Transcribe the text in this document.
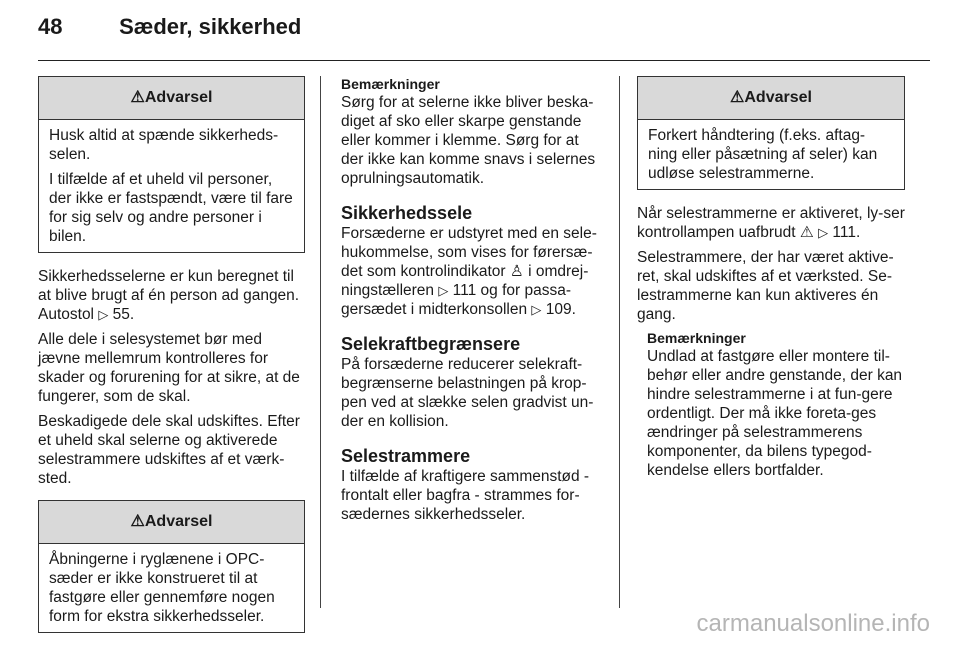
48	Sæder, sikkerhed
⚠Advarsel

Husk altid at spænde sikkerheds-selen.

I tilfælde af et uheld vil personer, der ikke er fastspændt, være til fare for sig selv og andre personer i bilen.

Sikkerhedsselerne er kun beregnet til at blive brugt af én person ad gangen. Autostol ▷ 55.

Alle dele i selesystemet bør med jævne mellemrum kontrolleres for skader og forurening for at sikre, at de fungerer, som de skal.

Beskadigede dele skal udskiftes. Efter et uheld skal selerne og aktiverede selestrammere udskiftes af et værk-sted.

⚠Advarsel

Åbningerne i ryglænene i OPC-sæder er ikke konstrueret til at fastgøre eller gennemføre nogen form for ekstra sikkerhedsseler.

Bemærkninger
Sørg for at selerne ikke bliver beska-diget af sko eller skarpe genstande eller kommer i klemme. Sørg for at der ikke kan komme snavs i selernes oprulningsautomatik.
Sikkerhedssele

Forsæderne er udstyret med en sele-hukommelse, som vises for førersæ-det som kontrolindikator ♙ i omdrej-ningstælleren ▷ 111 og for passa-gersædet i midterkonsollen ▷ 109.

Selekraftbegrænsere

På forsæderne reducerer selekraft-begrænserne belastningen på krop-pen ved at slække selen gradvist un-der en kollision.

Selestrammere

I tilfælde af kraftigere sammenstød - frontalt eller bagfra - strammes for-sædernes sikkerhedsseler.

⚠Advarsel

Forkert håndtering (f.eks. aftag-ning eller påsætning af seler) kan udløse selestrammerne.

Når selestrammerne er aktiveret, ly-ser kontrollampen uafbrudt ⚠ ▷ 111.

Selestrammere, der har været aktive-ret, skal udskiftes af et værksted. Se-lestrammerne kan kun aktiveres én gang.

Bemærkninger
Undlad at fastgøre eller montere til-behør eller andre genstande, der kan hindre selestrammerne i at fun-gere ordentligt. Der må ikke foreta-ges ændringer på selestrammerens komponenter, da bilens typegod-kendelse ellers bortfalder.
carmanualsonline.info
